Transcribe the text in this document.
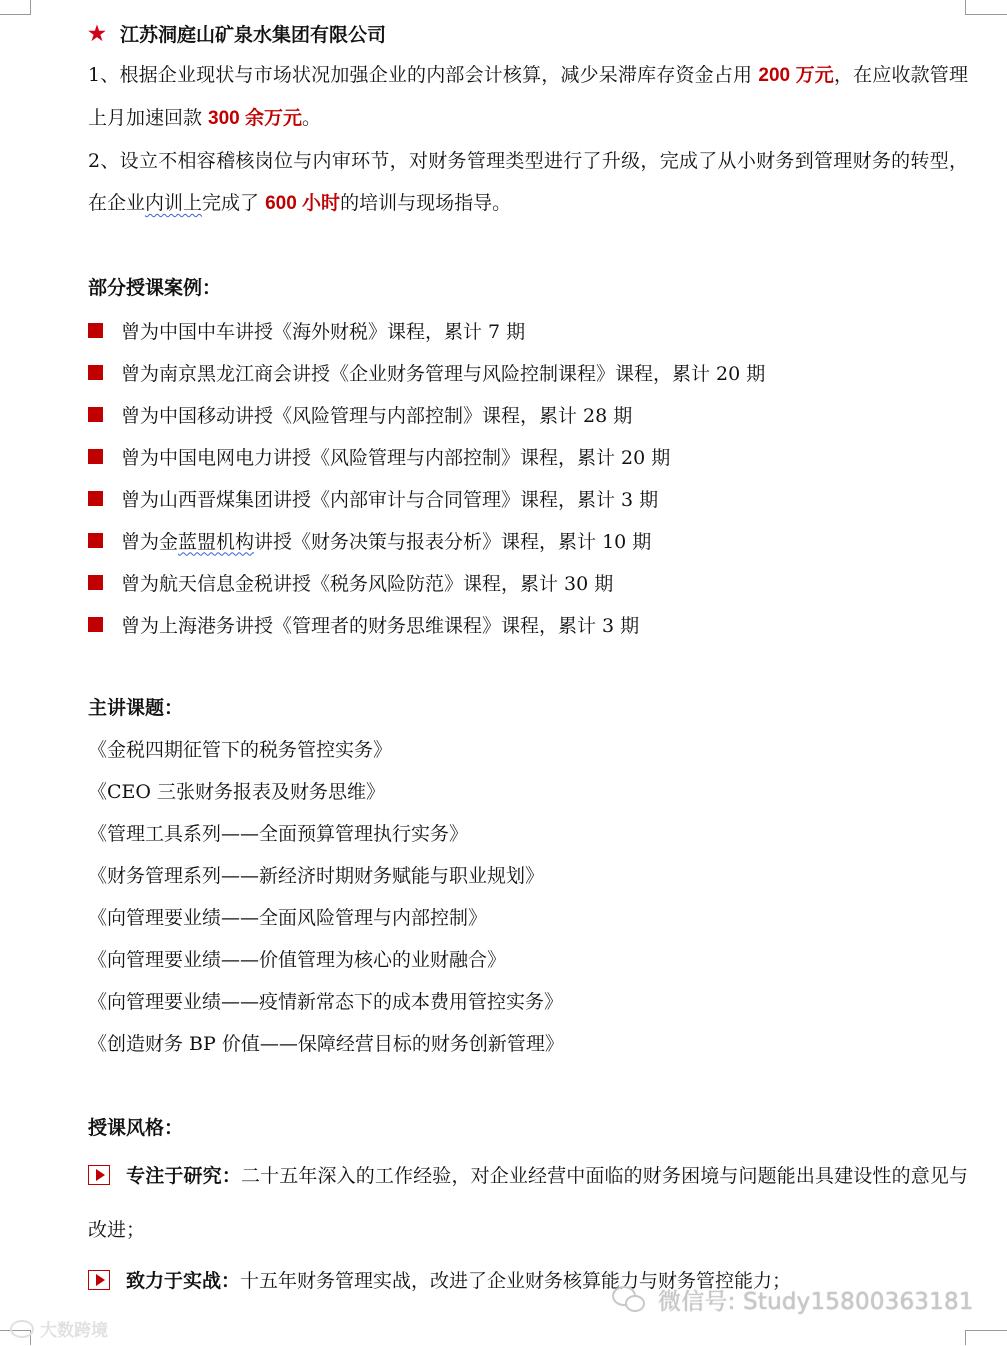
★ 江苏洞庭山矿泉水集团有限公司

1、根据企业现状与市场状况加强企业的内部会计核算，减少呆滞库存资金占用 200 万元，在应收款管理上月加速回款 300 余万元。

2、设立不相容稽核岗位与内审环节，对财务管理类型进行了升级，完成了从小财务到管理财务的转型，在企业内训上完成了 600 小时的培训与现场指导。

部分授课案例：
曾为中国中车讲授《海外财税》课程，累计 7 期
曾为南京黑龙江商会讲授《企业财务管理与风险控制课程》课程，累计 20 期
曾为中国移动讲授《风险管理与内部控制》课程，累计 28 期
曾为中国电网电力讲授《风险管理与内部控制》课程，累计 20 期
曾为山西晋煤集团讲授《内部审计与合同管理》课程，累计 3 期
曾为金蓝盟机构讲授《财务决策与报表分析》课程，累计 10 期
曾为航天信息金税讲授《税务风险防范》课程，累计 30 期
曾为上海港务讲授《管理者的财务思维课程》课程，累计 3 期
主讲课题：
《金税四期征管下的税务管控实务》
《CEO 三张财务报表及财务思维》
《管理工具系列——全面预算管理执行实务》
《财务管理系列——新经济时期财务赋能与职业规划》
《向管理要业绩——全面风险管理与内部控制》
《向管理要业绩——价值管理为核心的业财融合》
《向管理要业绩——疫情新常态下的成本费用管控实务》
《创造财务 BP 价值——保障经营目标的财务创新管理》
授课风格：

专注于研究：二十五年深入的工作经验，对企业经营中面临的财务困境与问题能出具建设性的意见与改进；

致力于实战：十五年财务管理实战，改进了企业财务核算能力与财务管控能力；

微信号: Study15800363181
大数跨境
